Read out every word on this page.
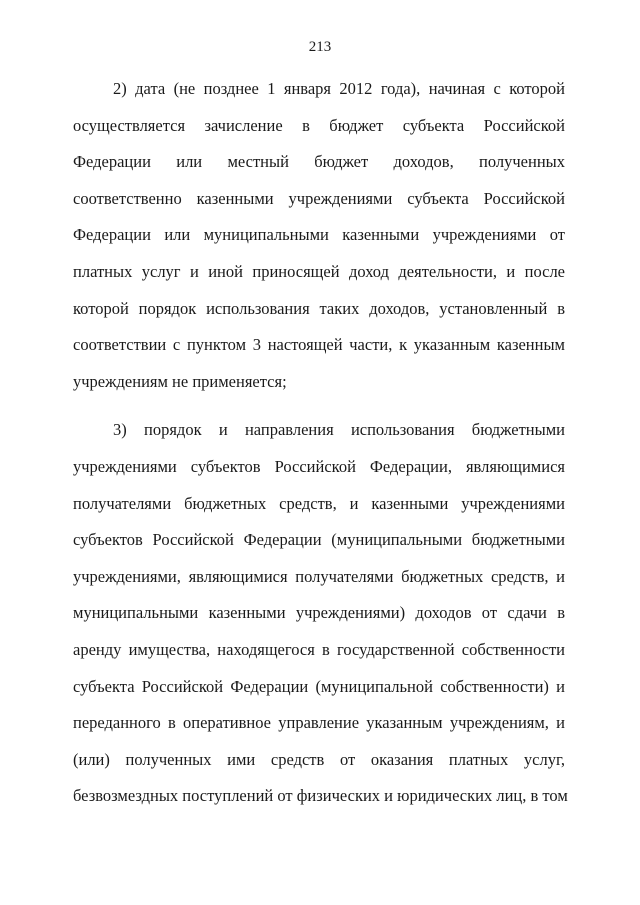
213
2) дата (не позднее 1 января 2012 года), начиная с которой
осуществляется зачисление в бюджет субъекта Российской
Федерации или местный бюджет доходов, полученных
соответственно казенными учреждениями субъекта Российской
Федерации или муниципальными казенными учреждениями от
платных услуг и иной приносящей доход деятельности, и после
которой порядок использования таких доходов, установленный в
соответствии с пунктом 3 настоящей части, к указанным казенным
учреждениям не применяется;
3) порядок и направления использования бюджетными
учреждениями субъектов Российской Федерации, являющимися
получателями бюджетных средств, и казенными учреждениями
субъектов Российской Федерации (муниципальными бюджетными
учреждениями, являющимися получателями бюджетных средств, и
муниципальными казенными учреждениями) доходов от сдачи в
аренду имущества, находящегося в государственной собственности
субъекта Российской Федерации (муниципальной собственности) и
переданного в оперативное управление указанным учреждениям, и
(или) полученных ими средств от оказания платных услуг,
безвозмездных поступлений от физических и юридических лиц, в том
